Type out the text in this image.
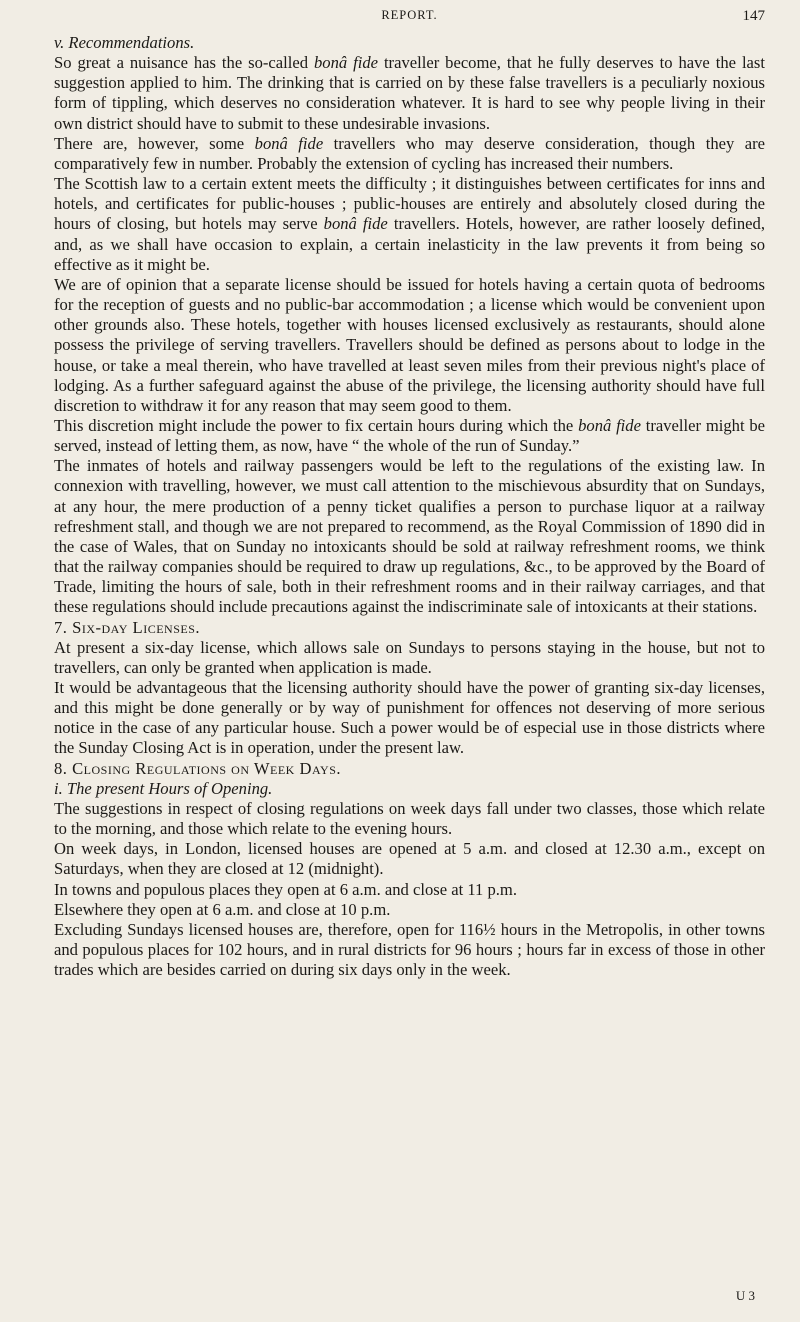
REPORT.	147

v. Recommendations.

So great a nuisance has the so-called bonâ fide traveller become, that he fully deserves to have the last suggestion applied to him. The drinking that is carried on by these false travellers is a peculiarly noxious form of tippling, which deserves no consideration whatever. It is hard to see why people living in their own district should have to submit to these undesirable invasions.

There are, however, some bonâ fide travellers who may deserve consideration, though they are comparatively few in number. Probably the extension of cycling has increased their numbers.

The Scottish law to a certain extent meets the difficulty ; it distinguishes between certificates for inns and hotels, and certificates for public-houses ; public-houses are entirely and absolutely closed during the hours of closing, but hotels may serve bonâ fide travellers. Hotels, however, are rather loosely defined, and, as we shall have occasion to explain, a certain inelasticity in the law prevents it from being so effective as it might be.

We are of opinion that a separate license should be issued for hotels having a certain quota of bedrooms for the reception of guests and no public-bar accommodation ; a license which would be convenient upon other grounds also. These hotels, together with houses licensed exclusively as restaurants, should alone possess the privilege of serving travellers. Travellers should be defined as persons about to lodge in the house, or take a meal therein, who have travelled at least seven miles from their previous night's place of lodging. As a further safeguard against the abuse of the privilege, the licensing authority should have full discretion to withdraw it for any reason that may seem good to them.

This discretion might include the power to fix certain hours during which the bonâ fide traveller might be served, instead of letting them, as now, have “ the whole of the run of Sunday.”

The inmates of hotels and railway passengers would be left to the regulations of the existing law. In connexion with travelling, however, we must call attention to the mischievous absurdity that on Sundays, at any hour, the mere production of a penny ticket qualifies a person to purchase liquor at a railway refreshment stall, and though we are not prepared to recommend, as the Royal Commission of 1890 did in the case of Wales, that on Sunday no intoxicants should be sold at railway refreshment rooms, we think that the railway companies should be required to draw up regulations, &c., to be approved by the Board of Trade, limiting the hours of sale, both in their refreshment rooms and in their railway carriages, and that these regulations should include precautions against the indiscriminate sale of intoxicants at their stations.

7. Six-day Licenses.

At present a six-day license, which allows sale on Sundays to persons staying in the house, but not to travellers, can only be granted when application is made.

It would be advantageous that the licensing authority should have the power of granting six-day licenses, and this might be done generally or by way of punishment for offences not deserving of more serious notice in the case of any particular house. Such a power would be of especial use in those districts where the Sunday Closing Act is in operation, under the present law.

8. Closing Regulations on Week Days.

i. The present Hours of Opening.

The suggestions in respect of closing regulations on week days fall under two classes, those which relate to the morning, and those which relate to the evening hours.

On week days, in London, licensed houses are opened at 5 a.m. and closed at 12.30 a.m., except on Saturdays, when they are closed at 12 (midnight).

In towns and populous places they open at 6 a.m. and close at 11 p.m.

Elsewhere they open at 6 a.m. and close at 10 p.m.

Excluding Sundays licensed houses are, therefore, open for 116½ hours in the Metropolis, in other towns and populous places for 102 hours, and in rural districts for 96 hours ; hours far in excess of those in other trades which are besides carried on during six days only in the week.

U 3
